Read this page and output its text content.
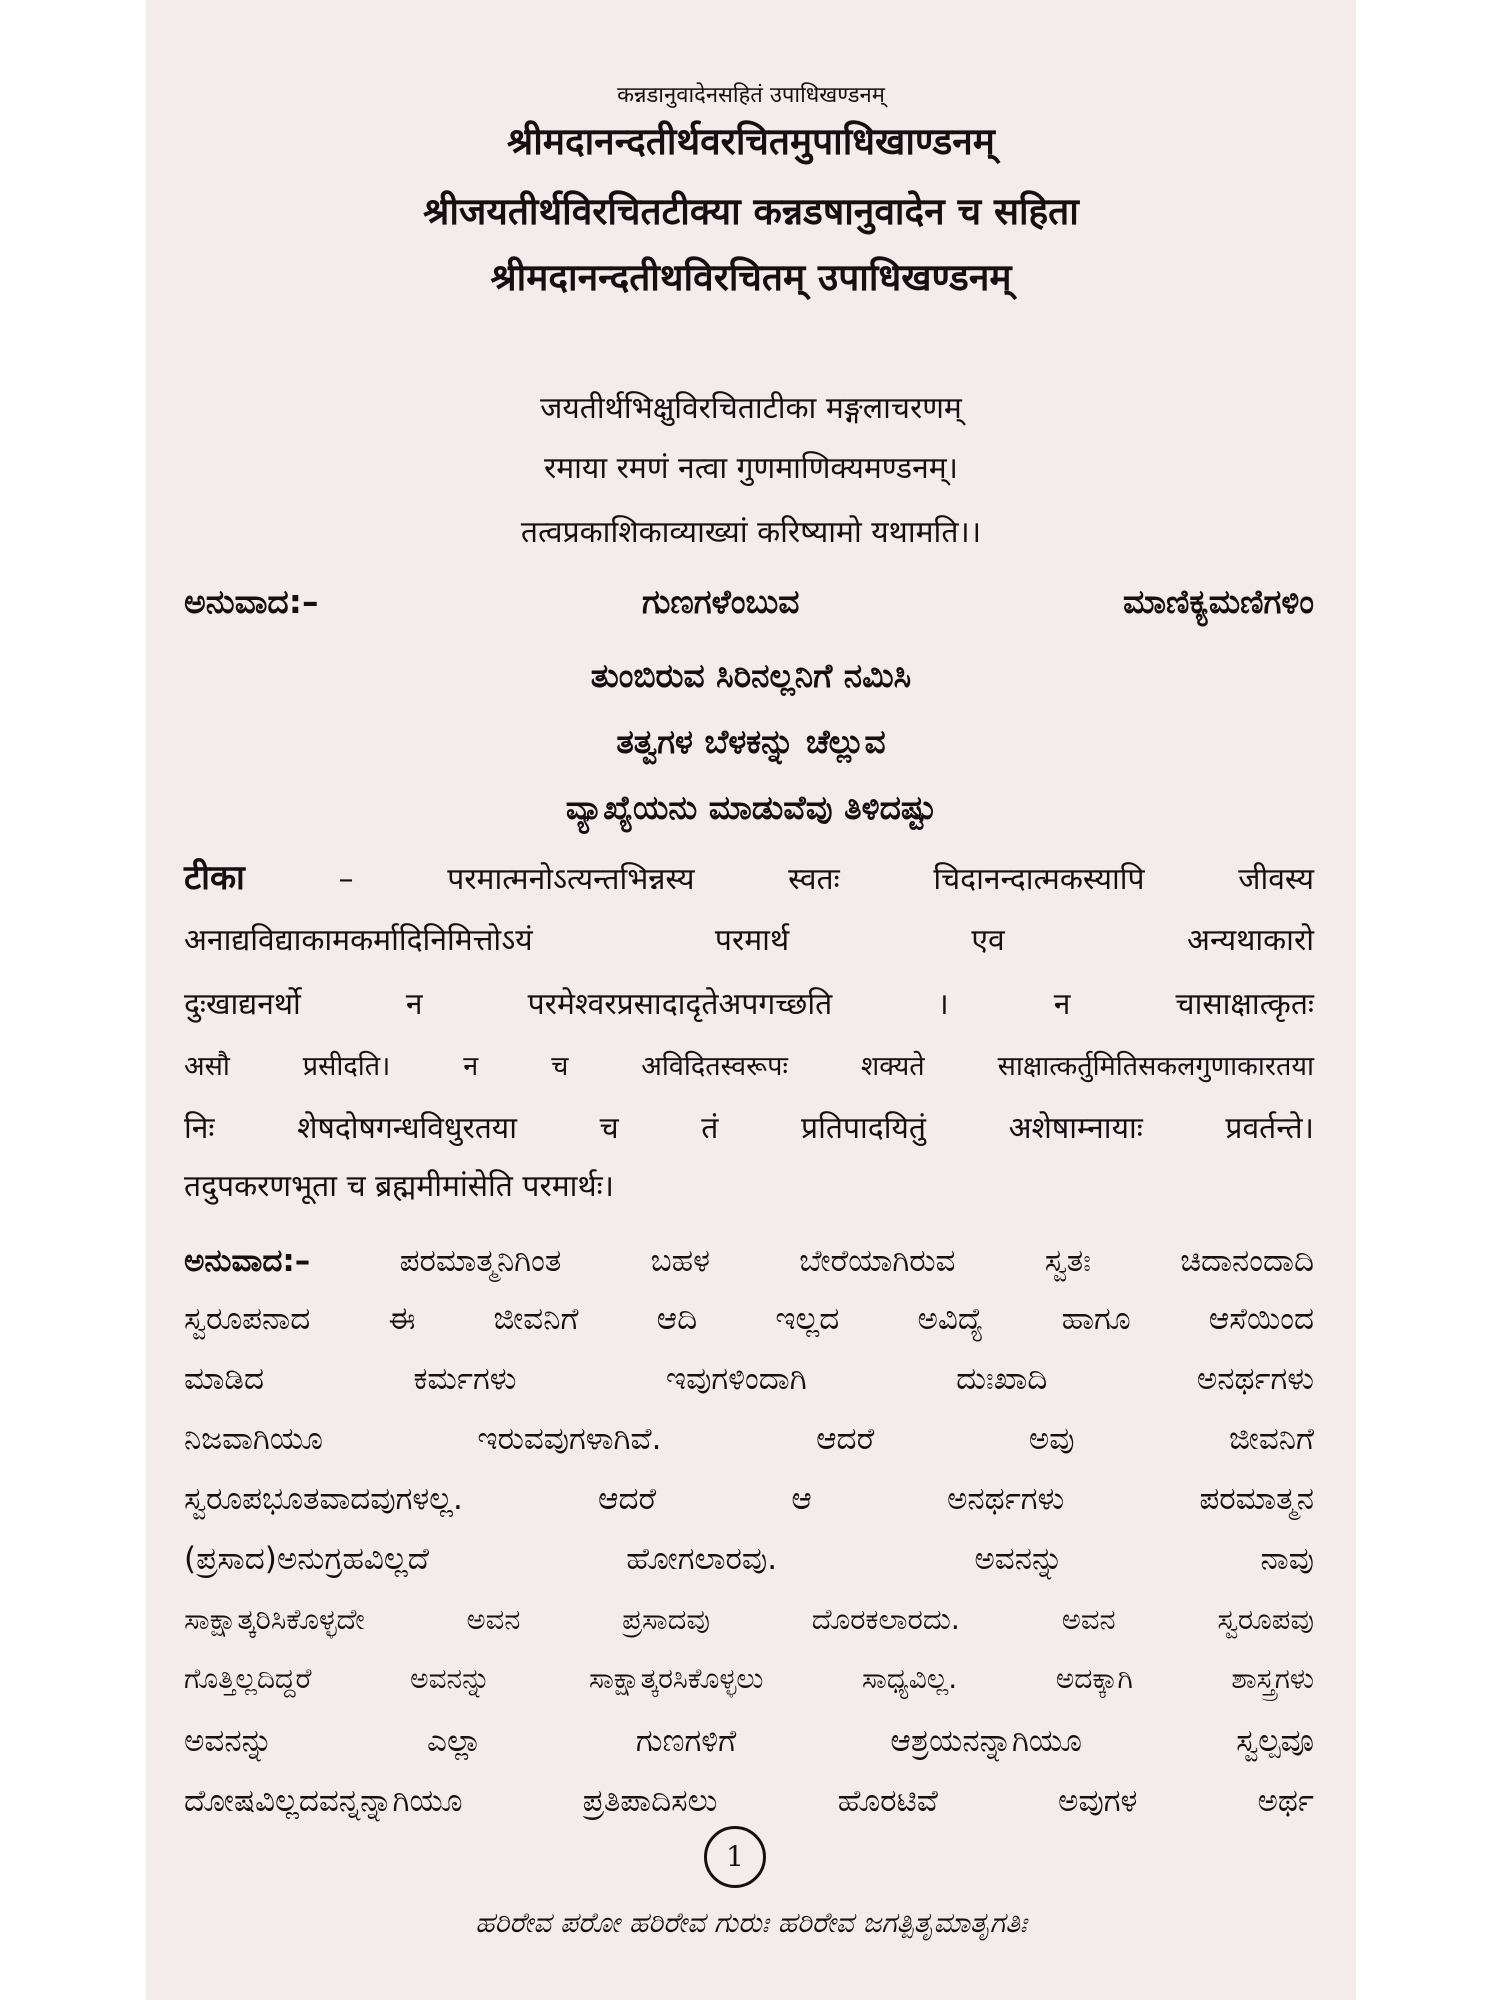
कन्नडानुवादेनसहितं उपाधिखण्डनम्
श्रीमदानन्दतीर्थवरचितमुपाधिखाण्डनम्
श्रीजयतीर्थविरचितटीक्या कन्नडषानुवादेन च सहिता
श्रीमदानन्दतीथविरचितम् उपाधिखण्डनम्
जयतीर्थभिक्षुविरचिताटीका मङ्गलाचरणम्
रमाया रमणं नत्वा गुणमाणिक्यमण्डनम्।
तत्वप्रकाशिकाव्याख्यां करिष्यामो यथामति।।
ಅನುವಾದ:–	ಗುಣಗಳೆಂಬುವ ಮಾಣಿಕ್ಯಮಣಿಗಳಿಂ
ತುಂಬಿರುವ ಸಿರಿನಲ್ಲನಿಗೆ ನಮಿಸಿ
ತತ್ವಗಳ ಬೆಳಕನ್ನು ಚೆಲ್ಲುವ
ವ್ಯಾಖ್ಯೆಯನು ಮಾಡುವೆವು ತಿಳಿದಷ್ಟು
टीका – परमात्मनोऽत्यन्तभिन्नस्य स्वतः चिदानन्दात्मकस्यापि जीवस्य
अनाद्यविद्याकामकर्मादिनिमित्तोऽयं परमार्थ एव अन्यथाकारो
दुःखाद्यनर्थो न परमेश्वरप्रसादादृतेअपगच्छति । न चासाक्षात्कृतः
असौ प्रसीदति। न च अविदितस्वरूपः शक्यते साक्षात्कर्तुमितिसकलगुणाकारतया
निः शेषदोषगन्धविधुरतया च तं प्रतिपादयितुं अशेषाम्नायाः प्रवर्तन्ते।
तदुपकरणभूता च ब्रह्ममीमांसेति परमार्थः।
ಅನುವಾದ:– ಪರಮಾತ್ಮನಿಗಿಂತ ಬಹಳ ಬೇರೆಯಾಗಿರುವ ಸ್ವತಃ ಚಿದಾನಂದಾದಿ
ಸ್ವರೂಪನಾದ ಈ ಜೀವನಿಗೆ ಆದಿ ಇಲ್ಲದ ಅವಿದ್ಯೆ ಹಾಗೂ ಆಸೆಯಿಂದ
ಮಾಡಿದ ಕರ್ಮಗಳು ಇವುಗಳಿಂದಾಗಿ ದುಃಖಾದಿ ಅನರ್ಥಗಳು
ನಿಜವಾಗಿಯೂ ಇರುವವುಗಳಾಗಿವೆ. ಆದರೆ ಅವು ಜೀವನಿಗೆ
ಸ್ವರೂಪಭೂತವಾದವುಗಳಲ್ಲ. ಆದರೆ ಆ ಅನರ್ಥಗಳು ಪರಮಾತ್ಮನ
(ಪ್ರಸಾದ)ಅನುಗ್ರಹವಿಲ್ಲದೆ ಹೋಗಲಾರವು. ಅವನನ್ನು ನಾವು
ಸಾಕ್ಷಾತ್ಕರಿಸಿಕೊಳ್ಳದೇ ಅವನ ಪ್ರಸಾದವು ದೊರಕಲಾರದು. ಅವನ ಸ್ವರೂಪವು
ಗೊತ್ತಿಲ್ಲದಿದ್ದರೆ ಅವನನ್ನು ಸಾಕ್ಷಾತ್ಕರಸಿಕೊಳ್ಳಲು ಸಾಧ್ಯವಿಲ್ಲ. ಅದಕ್ಕಾಗಿ ಶಾಸ್ತ್ರಗಳು
ಅವನನ್ನು ಎಲ್ಲಾ ಗುಣಗಳಿಗೆ ಆಶ್ರಯನನ್ನಾಗಿಯೂ ಸ್ವಲ್ಪವೂ
ದೋಷವಿಲ್ಲದವನ್ನನ್ನಾಗಿಯೂ ಪ್ರತಿಪಾದಿಸಲು ಹೊರಟಿವೆ ಅವುಗಳ ಅರ್ಥ
1
ಹರಿರೇವ ಪರೋ ಹರಿರೇವ ಗುರುಃ ಹರಿರೇವ ಜಗತ್ಪಿತೃಮಾತೃಗತಿಃ
